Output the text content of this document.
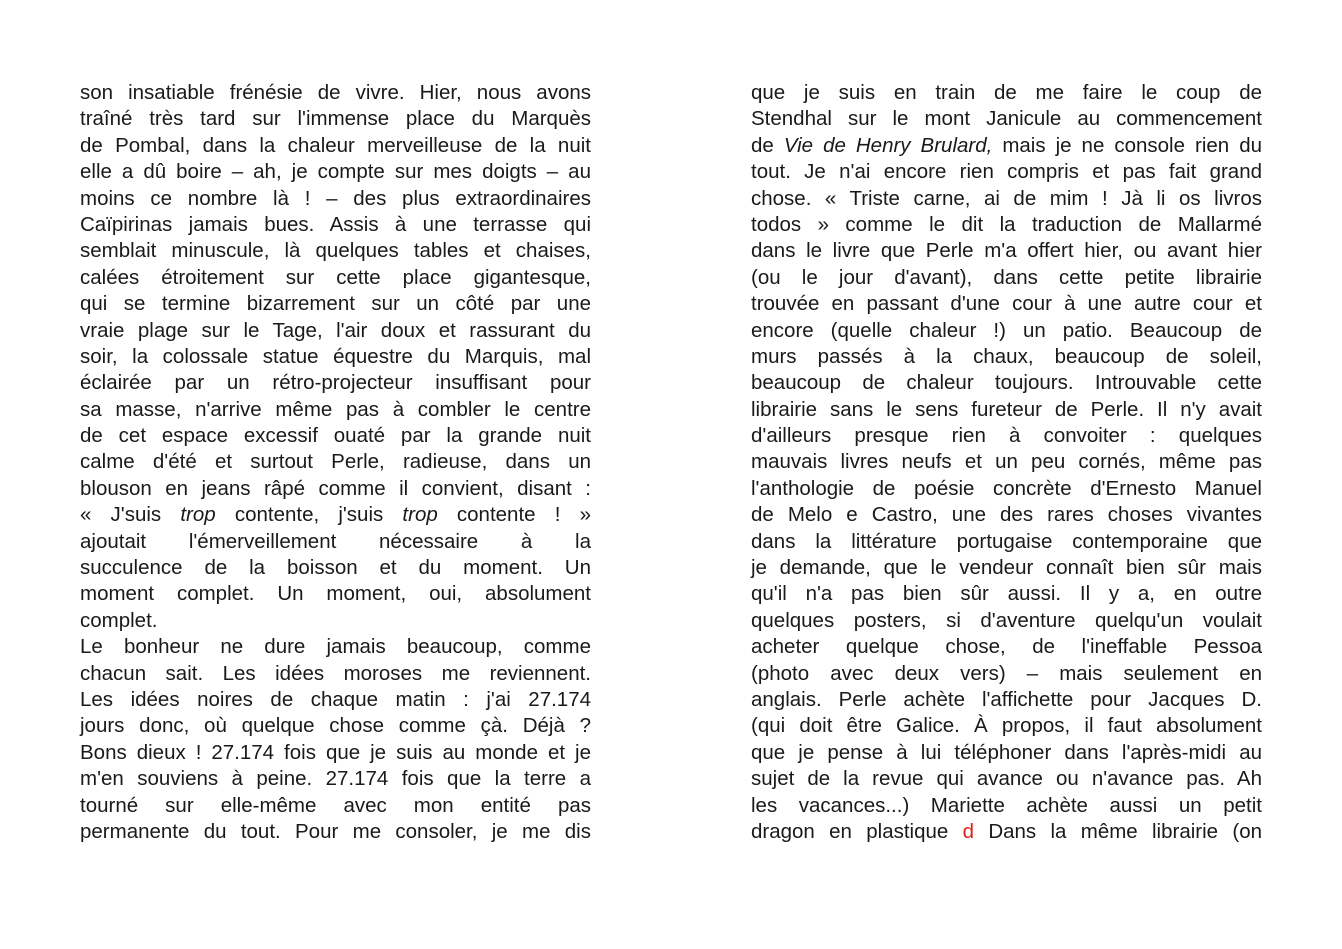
son insatiable frénésie de vivre. Hier, nous avons
traîné très tard sur l'immense place du Marquès
de Pombal, dans la chaleur merveilleuse de la nuit
elle a dû boire – ah, je compte sur mes doigts – au
moins ce nombre là ! – des plus extraordinaires
Caïpirinas jamais bues. Assis à une terrasse qui
semblait minuscule, là quelques tables et chaises,
calées étroitement sur cette place gigantesque,
qui se termine bizarrement sur un côté par une
vraie plage sur le Tage, l'air doux et rassurant du
soir, la colossale statue équestre du Marquis, mal
éclairée par un rétro-projecteur insuffisant pour
sa masse, n'arrive même pas à combler le centre
de cet espace excessif ouaté par la grande nuit
calme d'été et surtout Perle, radieuse, dans un
blouson en jeans râpé comme il convient, disant :
« J'suis trop contente, j'suis trop contente ! »
ajoutait l'émerveillement nécessaire à la
succulence de la boisson et du moment. Un
moment complet. Un moment, oui, absolument
complet.
Le bonheur ne dure jamais beaucoup, comme
chacun sait. Les idées moroses me reviennent.
Les idées noires de chaque matin : j'ai 27.174
jours donc, où quelque chose comme çà. Déjà ?
Bons dieux ! 27.174 fois que je suis au monde et je
m'en souviens à peine. 27.174 fois que la terre a
tourné sur elle-même avec mon entité pas
permanente du tout. Pour me consoler, je me dis
que je suis en train de me faire le coup de
Stendhal sur le mont Janicule au commencement
de Vie de Henry Brulard, mais je ne console rien du
tout. Je n'ai encore rien compris et pas fait grand
chose. « Triste carne, ai de mim ! Jà li os livros
todos » comme le dit la traduction de Mallarmé
dans le livre que Perle m'a offert hier, ou avant hier
(ou le jour d'avant), dans cette petite librairie
trouvée en passant d'une cour à une autre cour et
encore (quelle chaleur !) un patio. Beaucoup de
murs passés à la chaux, beaucoup de soleil,
beaucoup de chaleur toujours. Introuvable cette
librairie sans le sens fureteur de Perle. Il n'y avait
d'ailleurs presque rien à convoiter : quelques
mauvais livres neufs et un peu cornés, même pas
l'anthologie de poésie concrète d'Ernesto Manuel
de Melo e Castro, une des rares choses vivantes
dans la littérature portugaise contemporaine que
je demande, que le vendeur connaît bien sûr mais
qu'il n'a pas bien sûr aussi. Il y a, en outre
quelques posters, si d'aventure quelqu'un voulait
acheter quelque chose, de l'ineffable Pessoa
(photo avec deux vers) – mais seulement en
anglais. Perle achète l'affichette pour Jacques D.
(qui doit être Galice. À propos, il faut absolument
que je pense à lui téléphoner dans l'après-midi au
sujet de la revue qui avance ou n'avance pas. Ah
les vacances...) Mariette achète aussi un petit
dragon en plastique d Dans la même librairie (on
